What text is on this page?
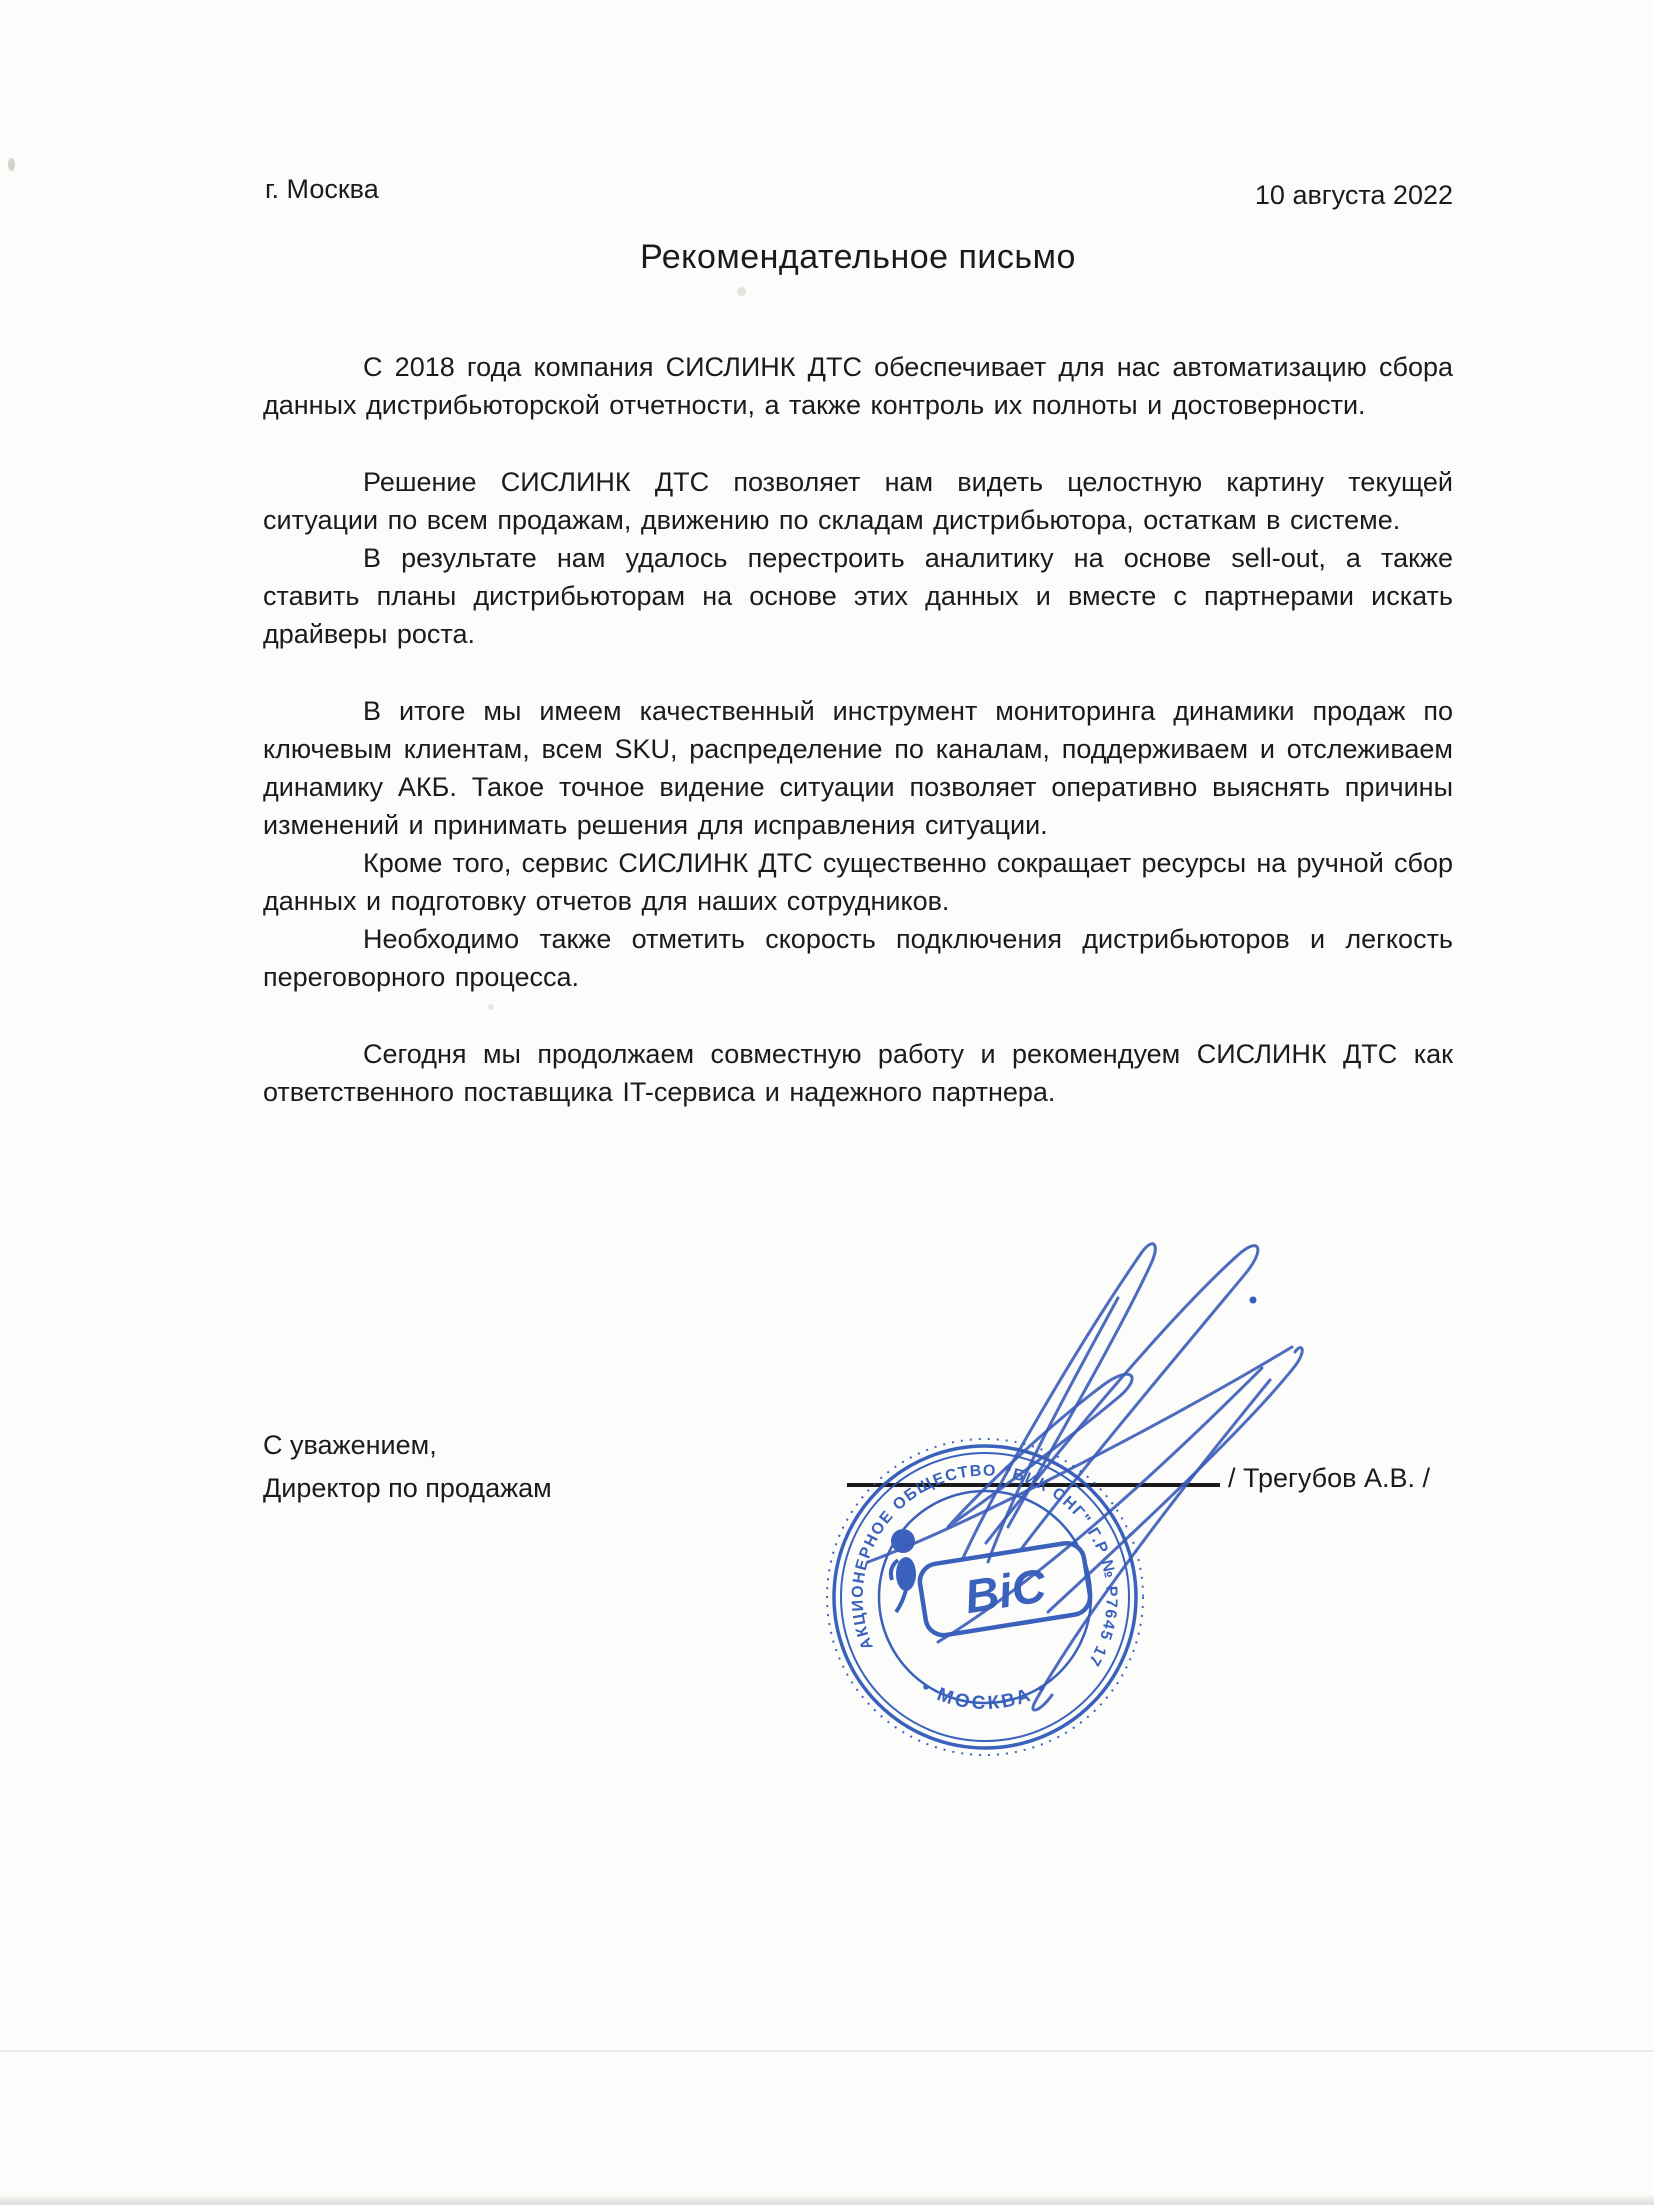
г. Москва	10 августа 2022
Рекомендательное письмо

С 2018 года компания СИСЛИНК ДТС обеспечивает для нас автоматизацию сбора данных дистрибьюторской отчетности, а также контроль их полноты и достоверности.

Решение СИСЛИНК ДТС позволяет нам видеть целостную картину текущей ситуации по всем продажам, движению по складам дистрибьютора, остаткам в системе.

В результате нам удалось перестроить аналитику на основе sell-out, а также ставить планы дистрибьюторам на основе этих данных и вместе с партнерами искать драйверы роста.

В итоге мы имеем качественный инструмент мониторинга динамики продаж по ключевым клиентам, всем SKU, распределение по каналам, поддерживаем и отслеживаем динамику АКБ. Такое точное видение ситуации позволяет оперативно выяснять причины изменений и принимать решения для исправления ситуации.

Кроме того, сервис СИСЛИНК ДТС существенно сокращает ресурсы на ручной сбор данных и подготовку отчетов для наших сотрудников.

Необходимо также отметить скорость подключения дистрибьюторов и легкость переговорного процесса.

Сегодня мы продолжаем совместную работу и рекомендуем СИСЛИНК ДТС как ответственного поставщика IT-сервиса и надежного партнера.

С уважением,
Директор по продажам	/ Трегубов А.В. /
АКЦИОНЕРНОЕ ОБЩЕСТВО "БИК СНГ" Г.Р № Р7645 17
• МОСКВА •
BiC
